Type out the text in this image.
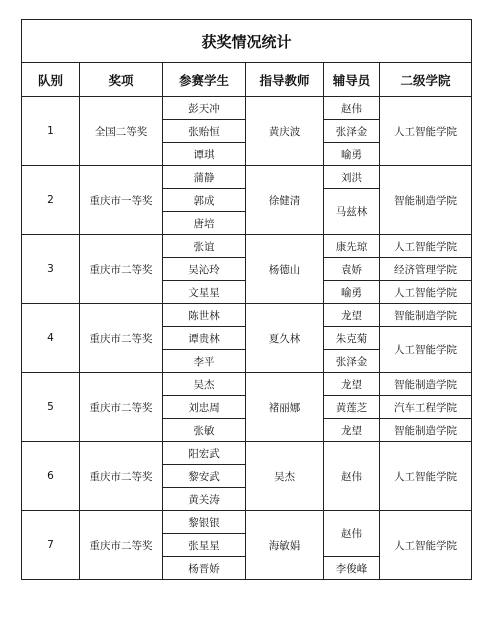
获奖情况统计					
队别	奖项	参赛学生	指导教师	辅导员	二级学院
1	全国二等奖	彭天冲	黄庆波	赵伟	人工智能学院
		张贻恒		张泽金	
		谭琪		喻勇	
2	重庆市一等奖	蒲静	徐健清	刘洪	智能制造学院
		郭成		马兹林	
		唐培			
3	重庆市二等奖	张谊	杨德山	康先琼	人工智能学院
		吴沁玲		袁娇	经济管理学院
		文星星		喻勇	人工智能学院
4	重庆市二等奖	陈世林	夏久林	龙望	智能制造学院
		谭贵林		朱克菊	人工智能学院
		李平		张泽金	
5	重庆市二等奖	吴杰	褚丽娜	龙望	智能制造学院
		刘忠周		黄莲芝	汽车工程学院
		张敏		龙望	智能制造学院
6	重庆市二等奖	阳宏武	吴杰	赵伟	人工智能学院
		黎安武			
		黄关涛			
7	重庆市二等奖	黎银银	海敏娟	赵伟	人工智能学院
		张星星			
		杨晋娇		李俊峰	
